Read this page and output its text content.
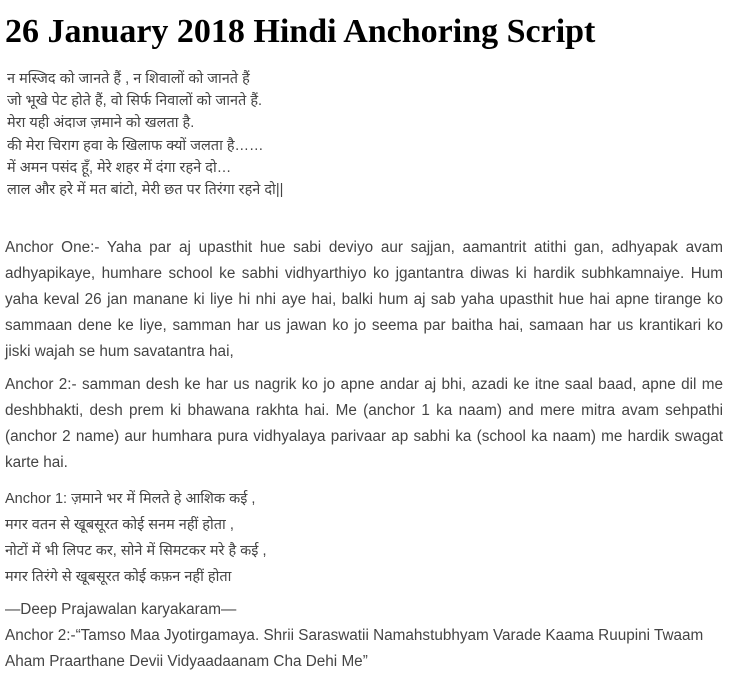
26 January 2018 Hindi Anchoring Script
न मस्जिद को जानते हैं , न शिवालों को जानते हैं
जो भूखे पेट होते हैं, वो सिर्फ निवालों को जानते हैं.
मेरा यही अंदाज ज़माने को खलता है.
की मेरा चिराग हवा के खिलाफ क्यों जलता है……
में अमन पसंद हूँ, मेरे शहर में दंगा रहने दो…
लाल और हरे में मत बांटो, मेरी छत पर तिरंगा रहने दो||

Anchor One:- Yaha par aj upasthit hue sabi deviyo aur sajjan, aamantrit atithi gan, adhyapak avam adhyapikaye, humhare school ke sabhi vidhyarthiyo ko jgantantra diwas ki hardik subhkamnaiye. Hum yaha keval 26 jan manane ki liye hi nhi aye hai, balki hum aj sab yaha upasthit hue hai apne tirange ko sammaan dene ke liye, samman har us jawan ko jo seema par baitha hai, samaan har us krantikari ko jiski wajah se hum savatantra hai,

Anchor 2:- samman desh ke har us nagrik ko jo apne andar aj bhi, azadi ke itne saal baad, apne dil me deshbhakti, desh prem ki bhawana rakhta hai. Me (anchor 1 ka naam) and mere mitra avam sehpathi (anchor 2 name) aur humhara pura vidhyalaya parivaar ap sabhi ka (school ka naam) me hardik swagat karte hai.

Anchor 1: ज़माने भर में मिलते हे आशिक कई ,
मगर वतन से खूबसूरत कोई सनम नहीं होता ,
नोटों में भी लिपट कर, सोने में सिमटकर मरे है कई ,
मगर तिरंगे से खूबसूरत कोई कफ़न नहीं होता
—Deep Prajawalan karyakaram—

Anchor 2:-“Tamso Maa Jyotirgamaya. Shrii Saraswatii Namahstubhyam Varade Kaama Ruupini Twaam Aham Praarthane Devii Vidyaadaanam Cha Dehi Me”
